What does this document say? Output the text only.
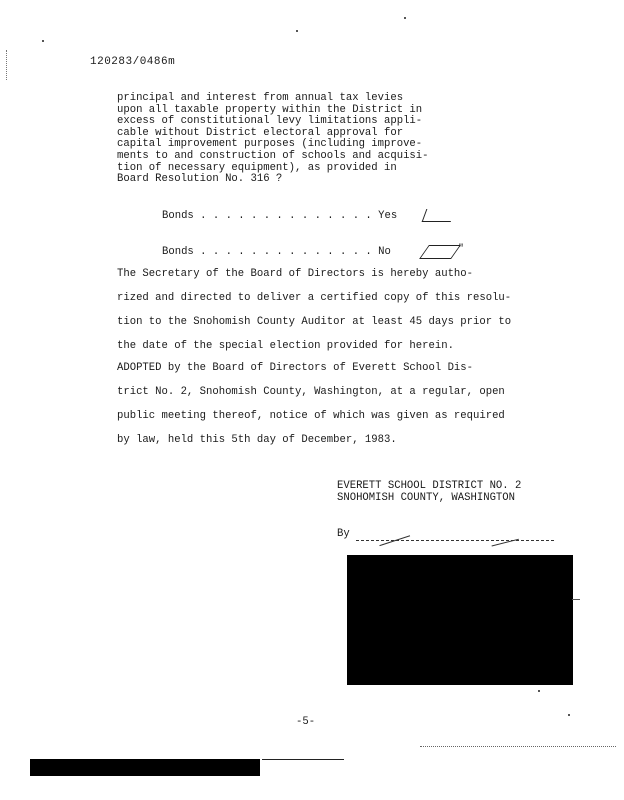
120283/0486m
principal and interest from annual tax levies
upon all taxable property within the District in
excess of constitutional levy limitations appli-
cable without District electoral approval for
capital improvement purposes (including improve-
ments to and construction of schools and acquisi-
tion of necessary equipment), as provided in
Board Resolution No. 316 ?
Bonds . . . . . . . . . . . . . . Yes
Bonds . . . . . . . . . . . . . . No	"
The Secretary of the Board of Directors is hereby autho-
rized and directed to deliver a certified copy of this resolu-
tion to the Snohomish County Auditor at least 45 days prior to
the date of the special election provided for herein.
ADOPTED by the Board of Directors of Everett School Dis-
trict No. 2, Snohomish County, Washington, at a regular, open
public meeting thereof, notice of which was given as required
by law, held this 5th day of December, 1983.
EVERETT SCHOOL DISTRICT NO. 2
SNOHOMISH COUNTY, WASHINGTON
By
-5-
